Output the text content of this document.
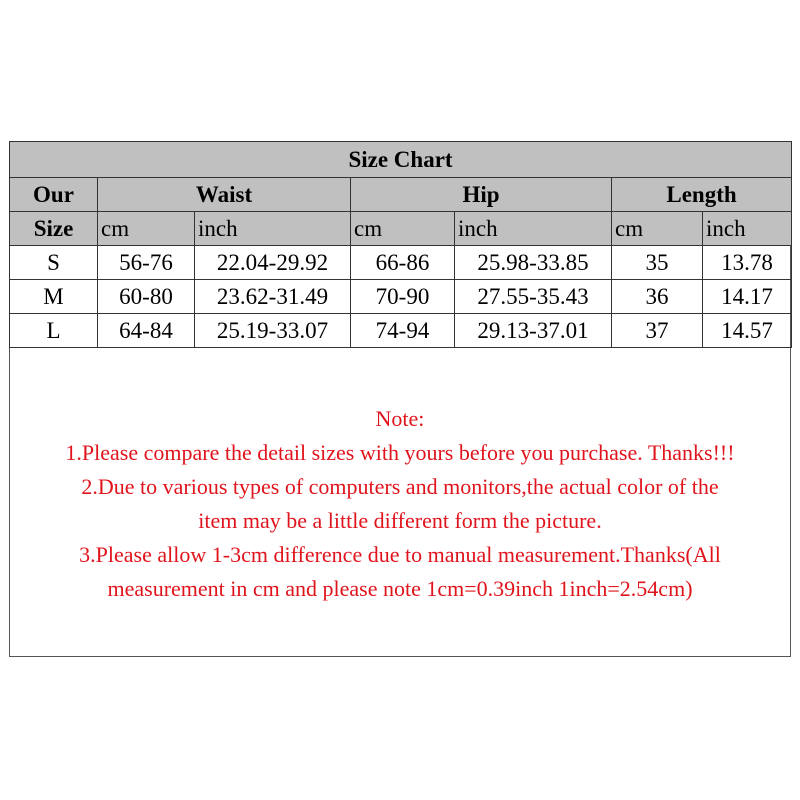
Size Chart						
Our	Waist		Hip		Length	
Size	cm	inch	cm	inch	cm	inch
S	56-76	22.04-29.92	66-86	25.98-33.85	35	13.78
M	60-80	23.62-31.49	70-90	27.55-35.43	36	14.17
L	64-84	25.19-33.07	74-94	29.13-37.01	37	14.57
Note:
1.Please compare the detail sizes with yours before you purchase. Thanks!!!
2.Due to various types of computers and monitors,the actual color of the
item may be a little different form the picture.
3.Please allow 1-3cm difference due to manual measurement.Thanks(All
measurement in cm and please note 1cm=0.39inch 1inch=2.54cm)
